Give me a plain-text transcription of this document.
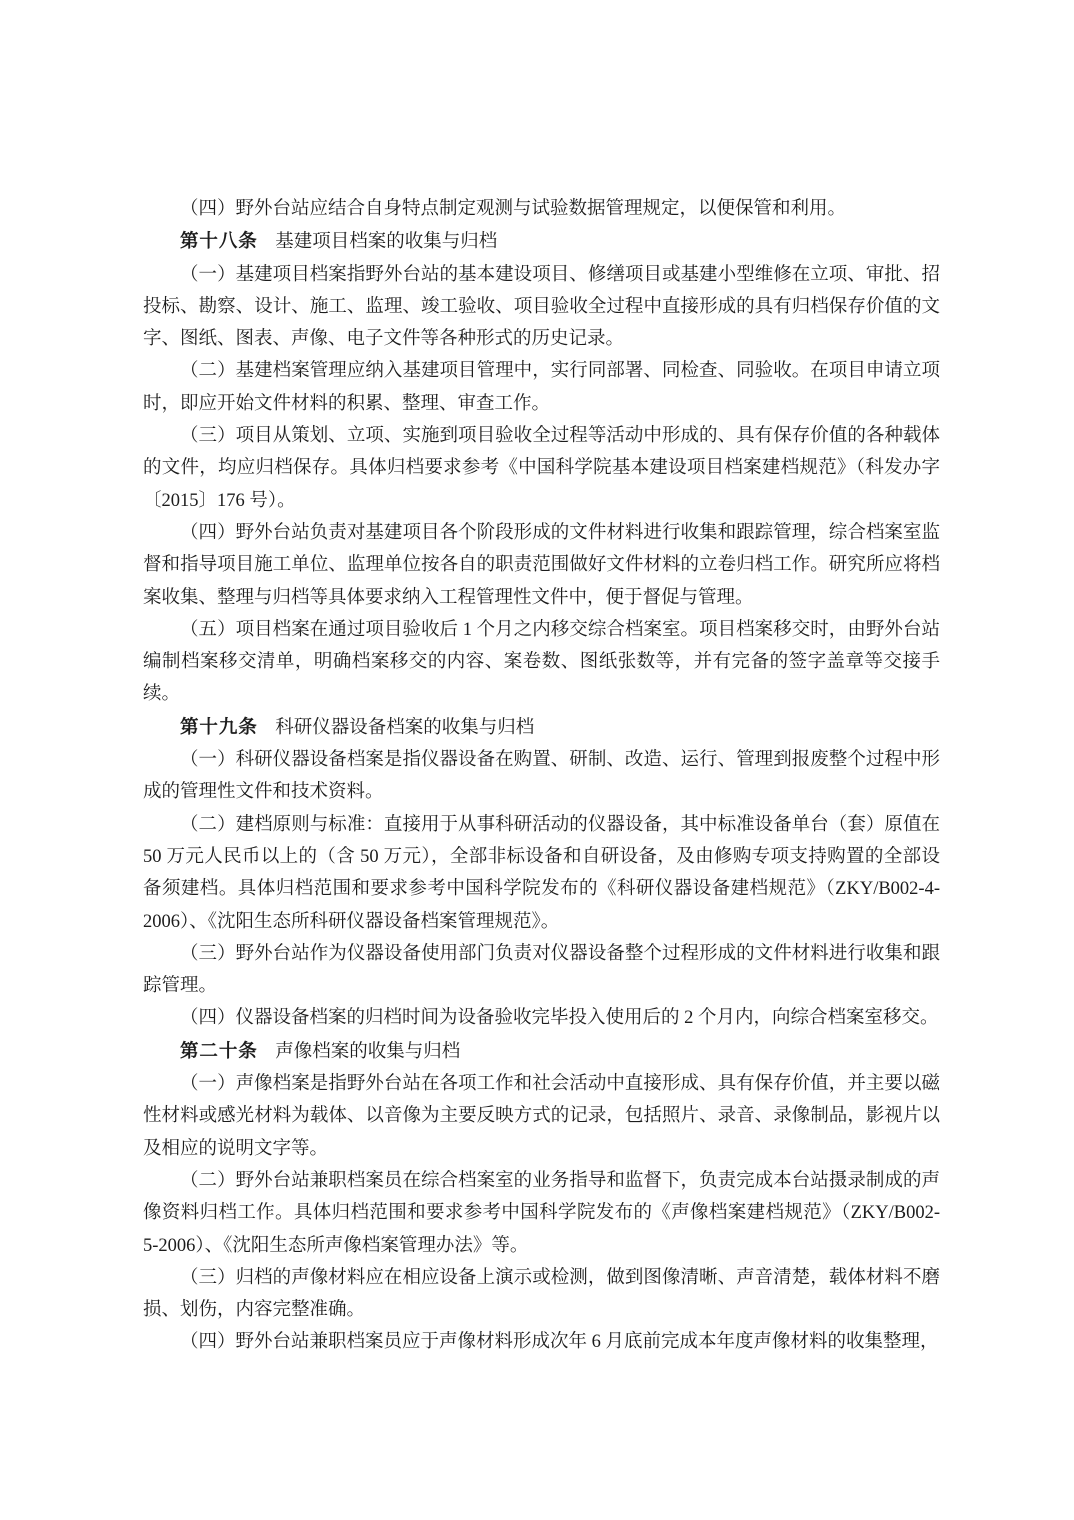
（四）野外台站应结合自身特点制定观测与试验数据管理规定，以便保管和利用。

第十八条 基建项目档案的收集与归档

（一）基建项目档案指野外台站的基本建设项目、修缮项目或基建小型维修在立项、审批、招投标、勘察、设计、施工、监理、竣工验收、项目验收全过程中直接形成的具有归档保存价值的文字、图纸、图表、声像、电子文件等各种形式的历史记录。

（二）基建档案管理应纳入基建项目管理中，实行同部署、同检查、同验收。在项目申请立项时，即应开始文件材料的积累、整理、审查工作。

（三）项目从策划、立项、实施到项目验收全过程等活动中形成的、具有保存价值的各种载体的文件，均应归档保存。具体归档要求参考《中国科学院基本建设项目档案建档规范》（科发办字〔2015〕176 号）。

（四）野外台站负责对基建项目各个阶段形成的文件材料进行收集和跟踪管理，综合档案室监督和指导项目施工单位、监理单位按各自的职责范围做好文件材料的立卷归档工作。研究所应将档案收集、整理与归档等具体要求纳入工程管理性文件中，便于督促与管理。

（五）项目档案在通过项目验收后 1 个月之内移交综合档案室。项目档案移交时，由野外台站编制档案移交清单，明确档案移交的内容、案卷数、图纸张数等，并有完备的签字盖章等交接手续。

第十九条 科研仪器设备档案的收集与归档

（一）科研仪器设备档案是指仪器设备在购置、研制、改造、运行、管理到报废整个过程中形成的管理性文件和技术资料。

（二）建档原则与标准：直接用于从事科研活动的仪器设备，其中标准设备单台（套）原值在 50 万元人民币以上的（含 50 万元），全部非标设备和自研设备，及由修购专项支持购置的全部设备须建档。具体归档范围和要求参考中国科学院发布的《科研仪器设备建档规范》（ZKY/B002-4-2006）、《沈阳生态所科研仪器设备档案管理规范》。

（三）野外台站作为仪器设备使用部门负责对仪器设备整个过程形成的文件材料进行收集和跟踪管理。

（四）仪器设备档案的归档时间为设备验收完毕投入使用后的 2 个月内，向综合档案室移交。

第二十条 声像档案的收集与归档

（一）声像档案是指野外台站在各项工作和社会活动中直接形成、具有保存价值，并主要以磁性材料或感光材料为载体、以音像为主要反映方式的记录，包括照片、录音、录像制品，影视片以及相应的说明文字等。

（二）野外台站兼职档案员在综合档案室的业务指导和监督下，负责完成本台站摄录制成的声像资料归档工作。具体归档范围和要求参考中国科学院发布的《声像档案建档规范》（ZKY/B002-5-2006）、《沈阳生态所声像档案管理办法》等。

（三）归档的声像材料应在相应设备上演示或检测，做到图像清晰、声音清楚，载体材料不磨损、划伤，内容完整准确。

（四）野外台站兼职档案员应于声像材料形成次年 6 月底前完成本年度声像材料的收集整理，
